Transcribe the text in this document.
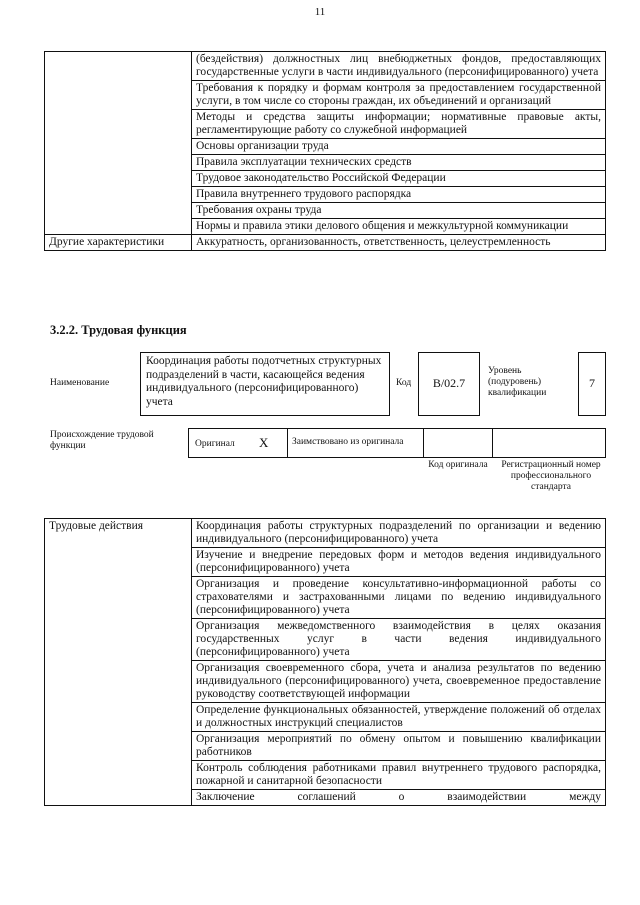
11
	(бездействия) должностных лиц внебюджетных фондов, предоставляющих государственные услуги в части индивидуального (персонифицированного) учета
	Требования к порядку и формам контроля за предоставлением государственной услуги, в том числе со стороны граждан, их объединений и организаций
	Методы и средства защиты информации; нормативные правовые акты, регламентирующие работу со служебной информацией
	Основы организации труда
	Правила эксплуатации технических средств
	Трудовое законодательство Российской Федерации
	Правила внутреннего трудового распорядка
	Требования охраны труда
	Нормы и правила этики делового общения и межкультурной коммуникации
Другие характеристики	Аккуратность, организованность, ответственность, целеустремленность
3.2.2. Трудовая функция
Наименование
Координация работы подотчетных структурных подразделений в части, касающейся ведения индивидуального (персонифицированного) учета
Код	B/02.7
Уровень (подуровень) квалификации
7
Происхождение трудовой функции	Оригинал X	Заимствовано из оригинала
Код оригинала	Регистрационный номер профессионального стандарта
Трудовые действия	Координация работы структурных подразделений по организации и ведению индивидуального (персонифицированного) учета
Изучение и внедрение передовых форм и методов ведения индивидуального (персонифицированного) учета
Организация и проведение консультативно-информационной работы со страхователями и застрахованными лицами по ведению индивидуального (персонифицированного) учета
Организация межведомственного взаимодействия в целях оказания государственных услуг в части ведения индивидуального (персонифицированного) учета
Организация своевременного сбора, учета и анализа результатов по ведению индивидуального (персонифицированного) учета, своевременное предоставление руководству соответствующей информации
Определение функциональных обязанностей, утверждение положений об отделах и должностных инструкций специалистов
Организация мероприятий по обмену опытом и повышению квалификации работников
Контроль соблюдения работниками правил внутреннего трудового распорядка, пожарной и санитарной безопасности
Заключение соглашений о взаимодействии между
